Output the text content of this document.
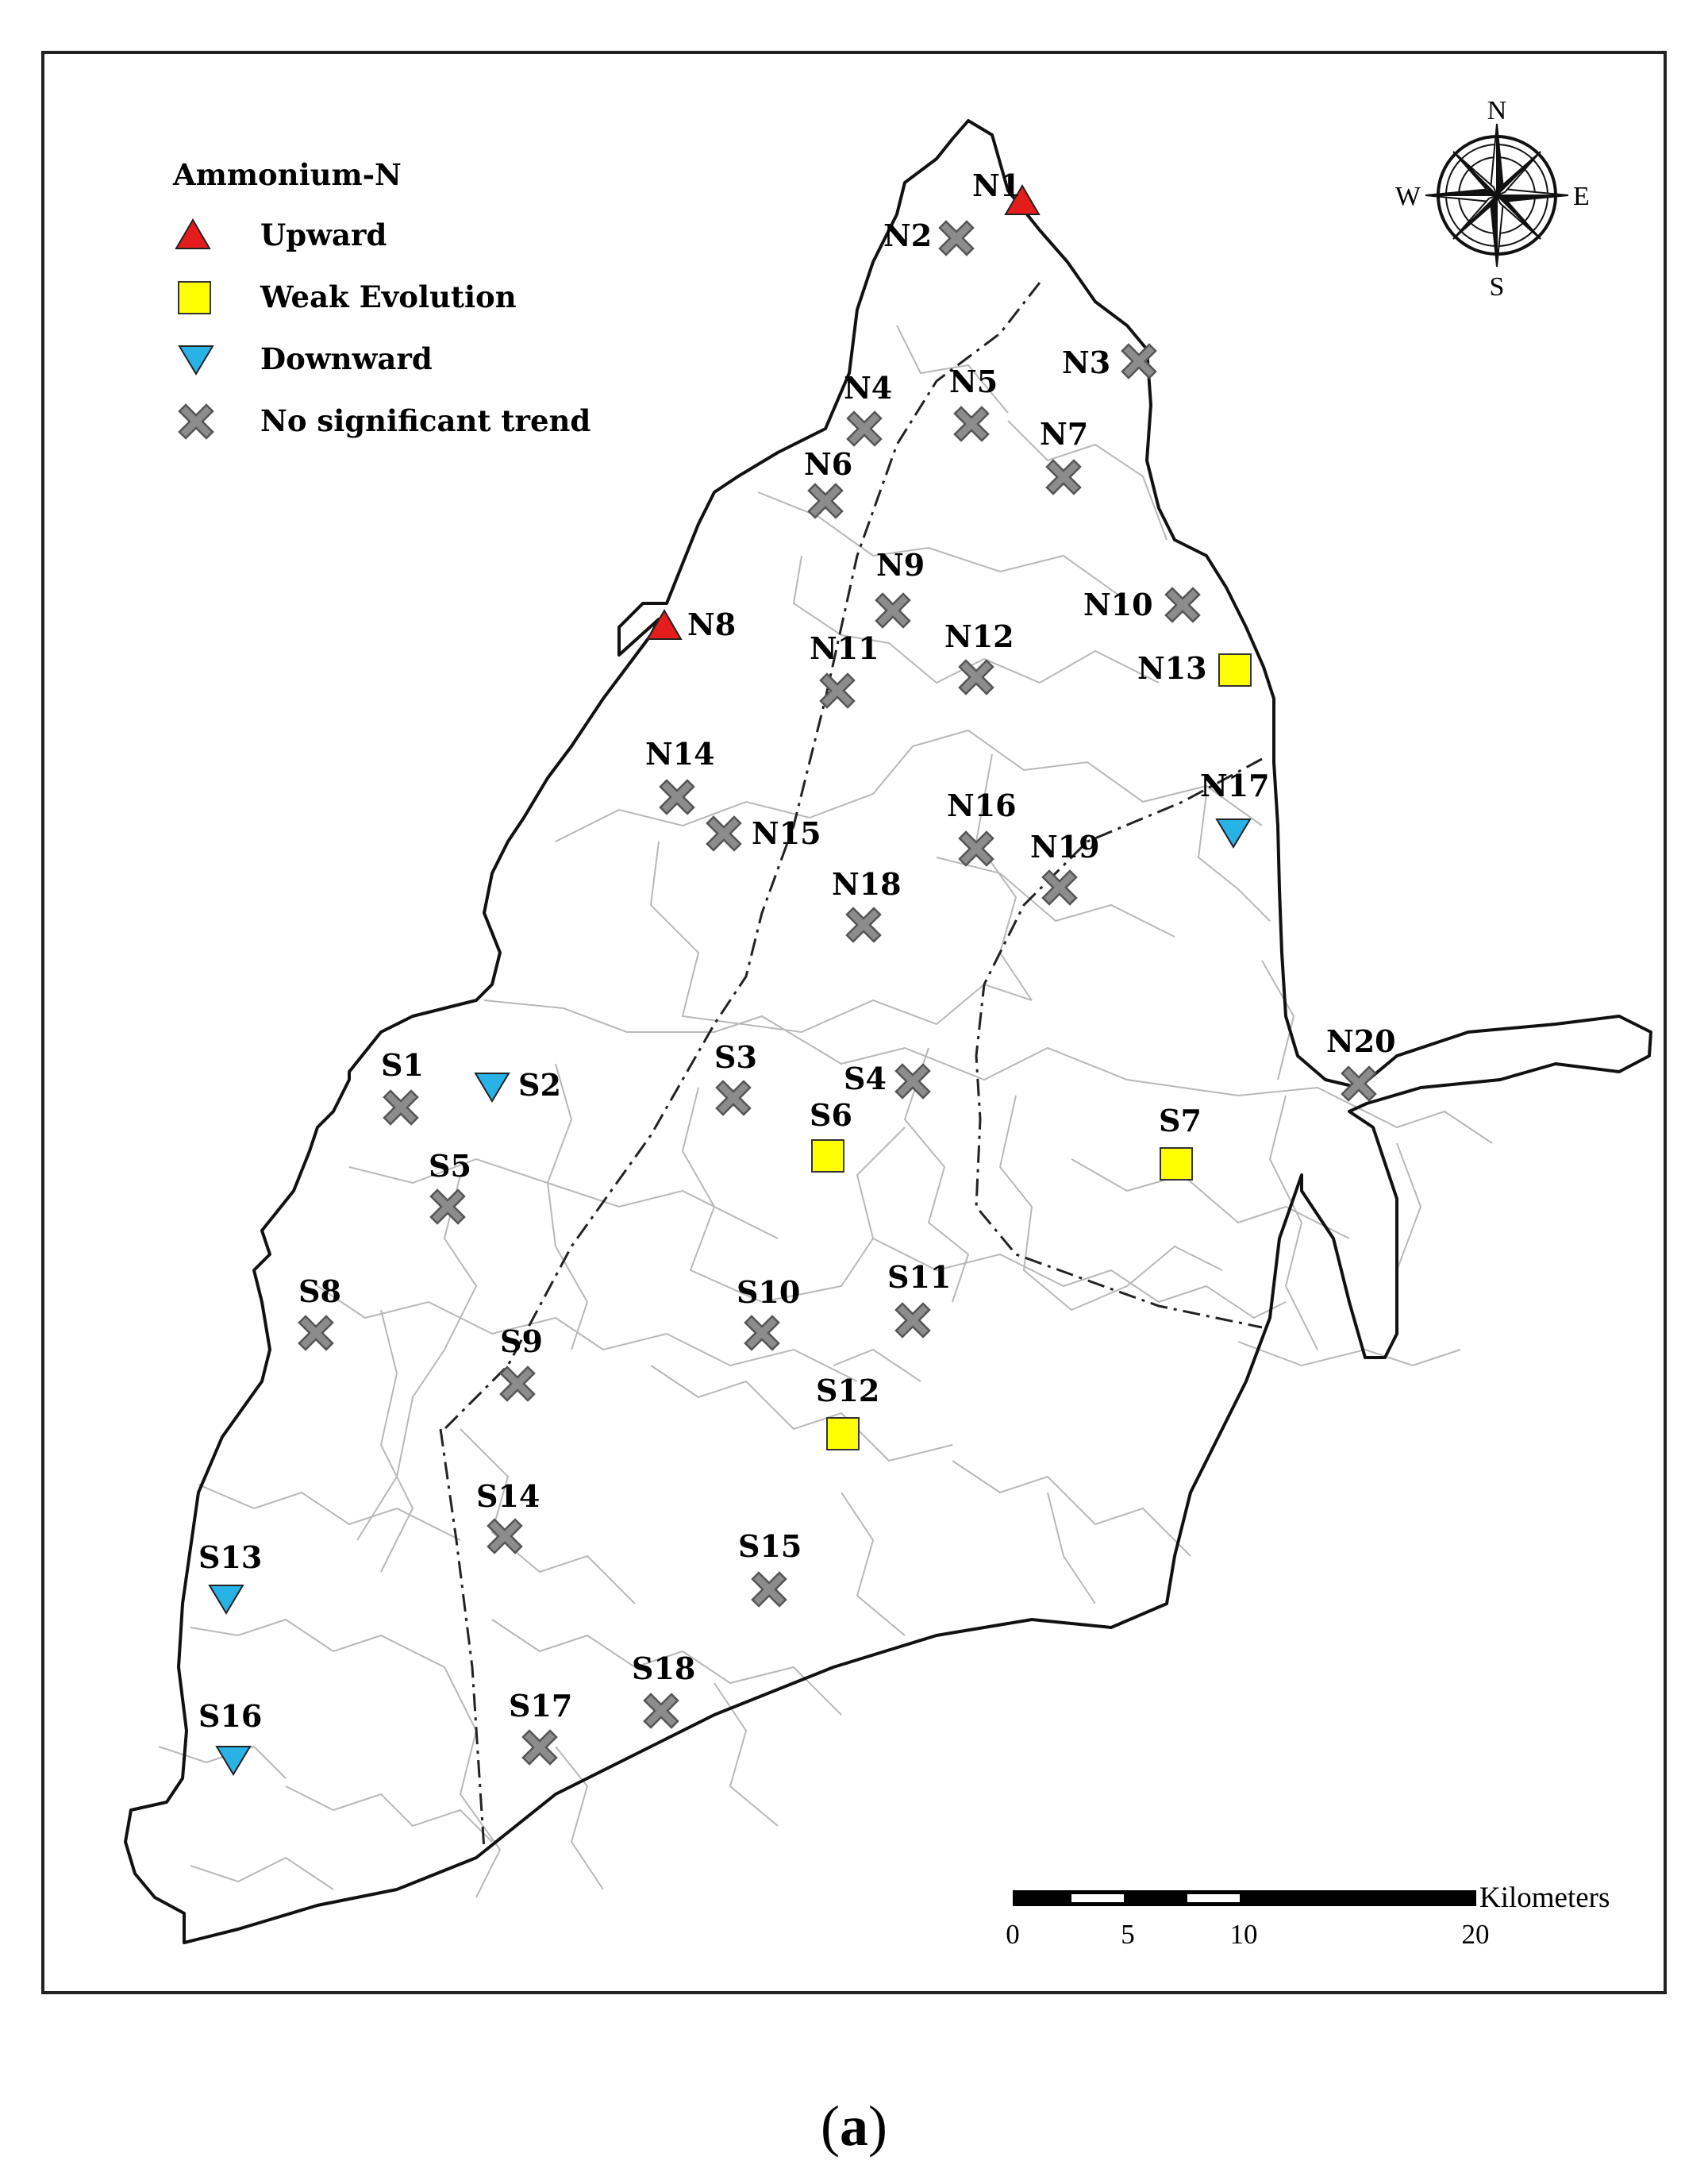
Ammonium-N
Upward
Weak Evolution
Downward
No significant trend
N
S
E
W
Kilometers
0	5	10	20
N1
N2
N3
N4 N5
N6
N7
N8
N9
N10
N11 N12
N13
N14
N15
N16
N17
N18
N19
N20
S1
S2
S3
S4
S5
S6	S7
S8
S9
S10	S11
S12
S13
S14
S15
S16	S17
S18
(a)
